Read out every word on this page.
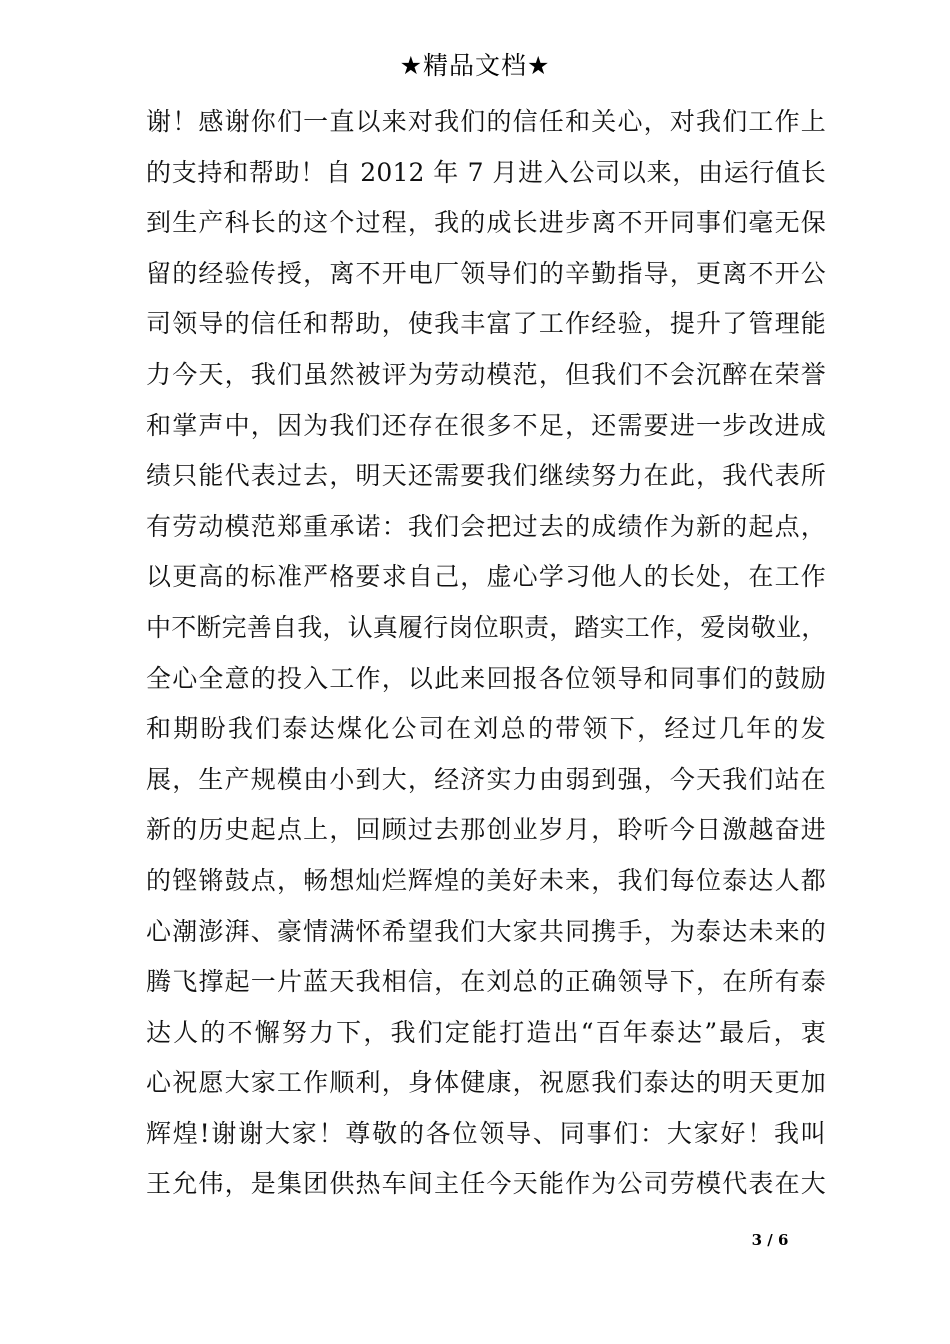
★精品文档★
谢！感谢你们一直以来对我们的信任和关心，对我们工作上
的支持和帮助！自 2012 年 7 月进入公司以来，由运行值长
到生产科长的这个过程，我的成长进步离不开同事们毫无保
留的经验传授，离不开电厂领导们的辛勤指导，更离不开公
司领导的信任和帮助，使我丰富了工作经验，提升了管理能
力今天，我们虽然被评为劳动模范，但我们不会沉醉在荣誉
和掌声中，因为我们还存在很多不足，还需要进一步改进成
绩只能代表过去，明天还需要我们继续努力在此，我代表所
有劳动模范郑重承诺：我们会把过去的成绩作为新的起点，
以更高的标准严格要求自己，虚心学习他人的长处，在工作
中不断完善自我，认真履行岗位职责，踏实工作，爱岗敬业，
全心全意的投入工作，以此来回报各位领导和同事们的鼓励
和期盼我们泰达煤化公司在刘总的带领下，经过几年的发
展，生产规模由小到大，经济实力由弱到强，今天我们站在
新的历史起点上，回顾过去那创业岁月，聆听今日激越奋进
的铿锵鼓点，畅想灿烂辉煌的美好未来，我们每位泰达人都
心潮澎湃、豪情满怀希望我们大家共同携手，为泰达未来的
腾飞撑起一片蓝天我相信，在刘总的正确领导下，在所有泰
达人的不懈努力下，我们定能打造出“百年泰达”最后，衷
心祝愿大家工作顺利，身体健康，祝愿我们泰达的明天更加
辉煌!谢谢大家！尊敬的各位领导、同事们：大家好！我叫
王允伟，是集团供热车间主任今天能作为公司劳模代表在大
3 / 6
